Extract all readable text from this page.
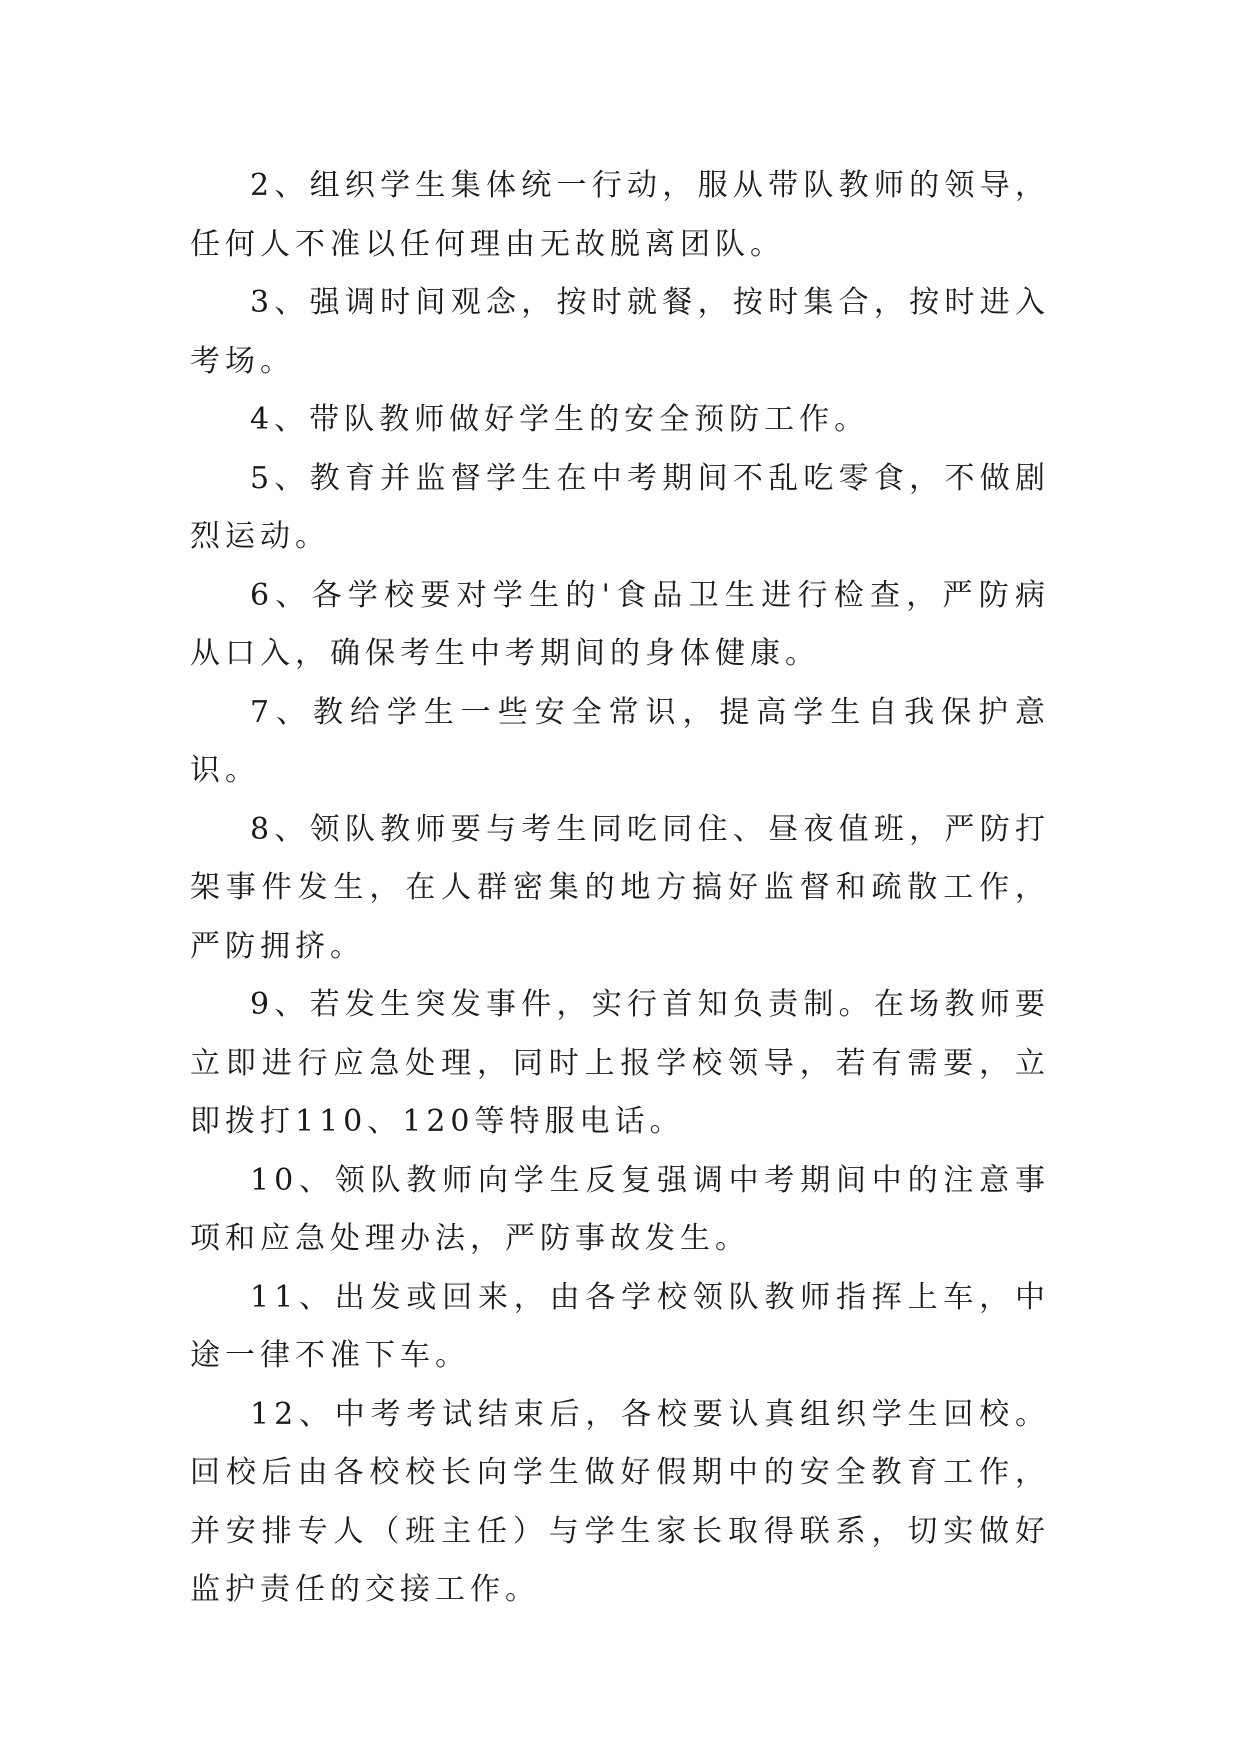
2、组织学生集体统一行动，服从带队教师的领导，任何人不准以任何理由无故脱离团队。

3、强调时间观念，按时就餐，按时集合，按时进入考场。

4、带队教师做好学生的安全预防工作。

5、教育并监督学生在中考期间不乱吃零食，不做剧烈运动。

6、各学校要对学生的'食品卫生进行检查，严防病从口入，确保考生中考期间的身体健康。

7、教给学生一些安全常识，提高学生自我保护意识。

8、领队教师要与考生同吃同住、昼夜值班，严防打架事件发生，在人群密集的地方搞好监督和疏散工作，严防拥挤。

9、若发生突发事件，实行首知负责制。在场教师要立即进行应急处理，同时上报学校领导，若有需要，立即拨打110、120等特服电话。

10、领队教师向学生反复强调中考期间中的注意事项和应急处理办法，严防事故发生。

11、出发或回来，由各学校领队教师指挥上车，中途一律不准下车。

12、中考考试结束后，各校要认真组织学生回校。回校后由各校校长向学生做好假期中的安全教育工作，并安排专人（班主任）与学生家长取得联系，切实做好监护责任的交接工作。
